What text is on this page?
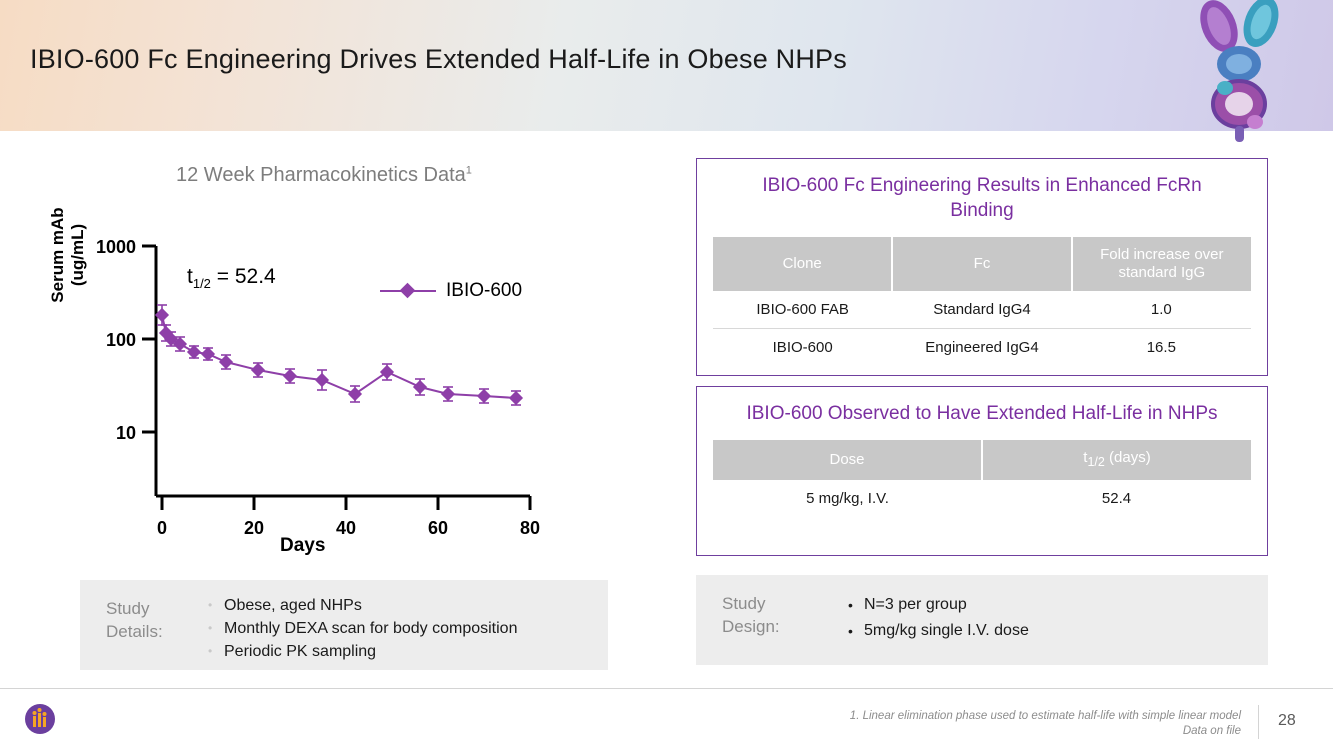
IBIO-600 Fc Engineering Drives Extended Half-Life in Obese NHPs
12 Week Pharmacokinetics Data$^1$
Serum mAb
(ug/mL)	$t_{1/2} = 52.4$
IBIO-600
1000
100
10
0	20	40	60	80
Days
Study
Details:
• Obese, aged NHPs
• Monthly DEXA scan for body composition
• Periodic PK sampling
IBIO-600 Fc Engineering Results in Enhanced FcRn Binding
Clone	Fc	Fold increase over standard IgG
IBIO-600 FAB	Standard IgG4	1.0
IBIO-600	Engineered IgG4	16.5
IBIO-600 Observed to Have Extended Half-Life in NHPs
Dose	$t_{1/2}$ (days)
5 mg/kg, I.V.	52.4
Study
Design:
• N=3 per group
• 5mg/kg single I.V. dose
1. Linear elimination phase used to estimate half-life with simple linear model
Data on file
28
